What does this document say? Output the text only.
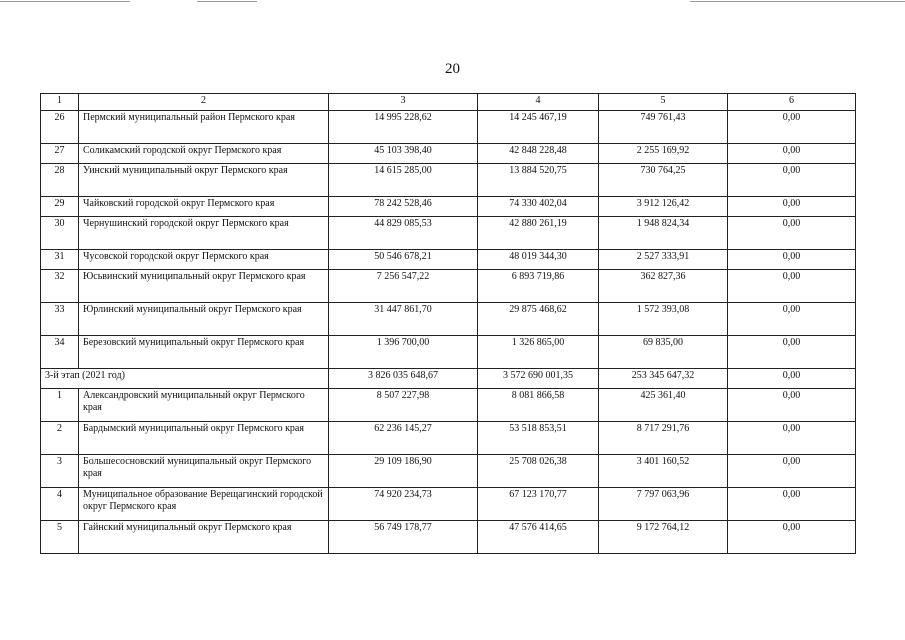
20
1	2	3	4	5	6
26	Пермский муниципальный район Пермского края	14 995 228,62	14 245 467,19	749 761,43	0,00
27	Соликамский городской округ Пермского края	45 103 398,40	42 848 228,48	2 255 169,92	0,00
28	Уинский муниципальный округ Пермского края	14 615 285,00	13 884 520,75	730 764,25	0,00
29	Чайковский городской округ Пермского края	78 242 528,46	74 330 402,04	3 912 126,42	0,00
30	Чернушинский городской округ Пермского края	44 829 085,53	42 880 261,19	1 948 824,34	0,00
31	Чусовской городской округ Пермского края	50 546 678,21	48 019 344,30	2 527 333,91	0,00
32	Юсьвинский муниципальный округ Пермского края	7 256 547,22	6 893 719,86	362 827,36	0,00
33	Юрлинский муниципальный округ Пермского края	31 447 861,70	29 875 468,62	1 572 393,08	0,00
34	Березовский муниципальный округ Пермского края	1 396 700,00	1 326 865,00	69 835,00	0,00
3-й этап (2021 год)		3 826 035 648,67	3 572 690 001,35	253 345 647,32	0,00
1	Александровский муниципальный округ Пермского края	8 507 227,98	8 081 866,58	425 361,40	0,00
2	Бардымский муниципальный округ Пермского края	62 236 145,27	53 518 853,51	8 717 291,76	0,00
3	Большесосновский муниципальный округ Пермского края	29 109 186,90	25 708 026,38	3 401 160,52	0,00
4	Муниципальное образование Верещагинский городской округ Пермского края	74 920 234,73	67 123 170,77	7 797 063,96	0,00
5	Гайнский муниципальный округ Пермского края	56 749 178,77	47 576 414,65	9 172 764,12	0,00
